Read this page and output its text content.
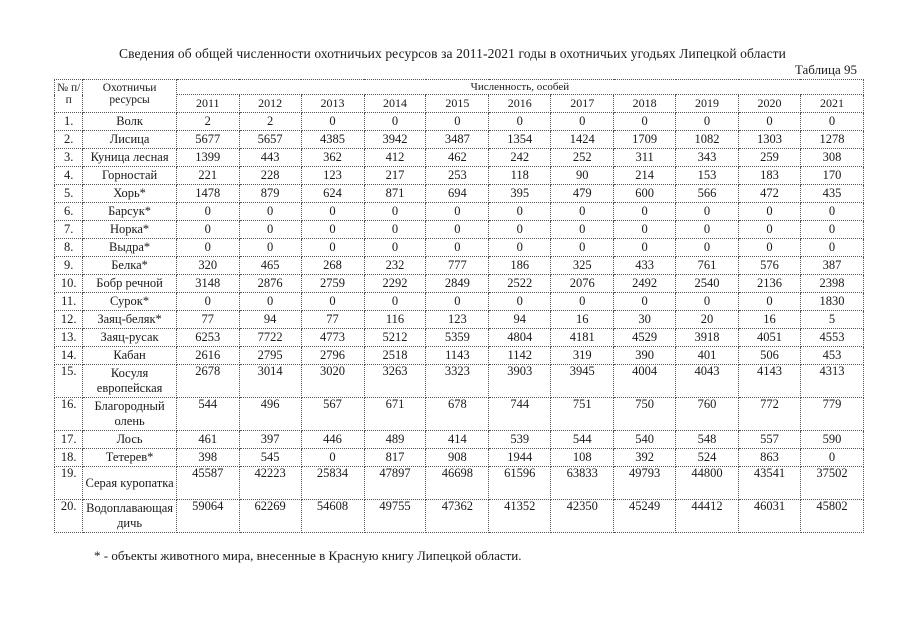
Сведения об общей численности охотничьих ресурсов за 2011-2021 годы в охотничьих угодьях Липецкой области
Таблица 95
№ п/п	Охотничьи ресурсы	Численность, особей										
		2011	2012	2013	2014	2015	2016	2017	2018	2019	2020	2021
1.	Волк	2	2	0	0	0	0	0	0	0	0	0
2.	Лисица	5677	5657	4385	3942	3487	1354	1424	1709	1082	1303	1278
3.	Куница лесная	1399	443	362	412	462	242	252	311	343	259	308
4.	Горностай	221	228	123	217	253	118	90	214	153	183	170
5.	Хорь*	1478	879	624	871	694	395	479	600	566	472	435
6.	Барсук*	0	0	0	0	0	0	0	0	0	0	0
7.	Норка*	0	0	0	0	0	0	0	0	0	0	0
8.	Выдра*	0	0	0	0	0	0	0	0	0	0	0
9.	Белка*	320	465	268	232	777	186	325	433	761	576	387
10.	Бобр речной	3148	2876	2759	2292	2849	2522	2076	2492	2540	2136	2398
11.	Сурок*	0	0	0	0	0	0	0	0	0	0	1830
12.	Заяц-беляк*	77	94	77	116	123	94	16	30	20	16	5
13.	Заяц-русак	6253	7722	4773	5212	5359	4804	4181	4529	3918	4051	4553
14.	Кабан	2616	2795	2796	2518	1143	1142	319	390	401	506	453
15.	Косуля европейская	2678	3014	3020	3263	3323	3903	3945	4004	4043	4143	4313
16.	Благородный олень	544	496	567	671	678	744	751	750	760	772	779
17.	Лось	461	397	446	489	414	539	544	540	548	557	590
18.	Тетерев*	398	545	0	817	908	1944	108	392	524	863	0
19.	Серая куропатка	45587	42223	25834	47897	46698	61596	63833	49793	44800	43541	37502
20.	Водоплавающая дичь	59064	62269	54608	49755	47362	41352	42350	45249	44412	46031	45802
* - объекты животного мира, внесенные в Красную книгу Липецкой области.
